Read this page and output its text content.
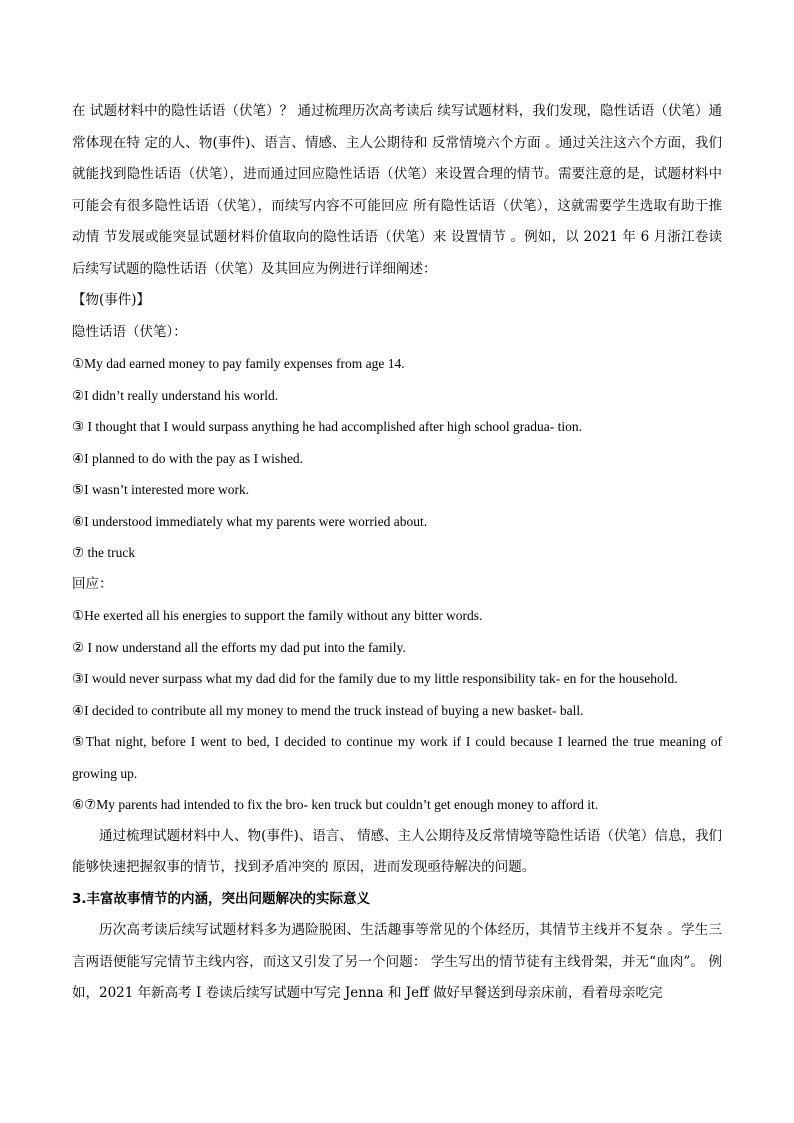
在 试题材料中的隐性话语（伏笔）？ 通过梳理历次高考读后 续写试题材料，我们发现，隐性话语（伏笔）通常体现在特 定的人、物(事件)、语言、情感、主人公期待和 反常情境六个方面 。通过关注这六个方面，我们就能找到隐性话语（伏笔），进而通过回应隐性话语（伏笔）来设置合理的情节。需要注意的是，试题材料中 可能会有很多隐性话语（伏笔），而续写内容不可能回应 所有隐性话语（伏笔），这就需要学生选取有助于推动情 节发展或能突显试题材料价值取向的隐性话语（伏笔）来 设置情节 。例如，以 2021 年 6 月浙江卷读后续写试题的隐性话语（伏笔）及其回应为例进行详细阐述：

【物(事件)】

隐性话语（伏笔）：

①My dad earned money to pay family expenses from age 14.

②I didn’t really understand his world.

③ I thought that I would surpass anything he had accomplished after high school gradua- tion.

④I planned to do with the pay as I wished.

⑤I wasn’t interested more work.

⑥I understood immediately what my parents were worried about.

⑦ the truck

回应：

①He exerted all his energies to support the family without any bitter words.

② I now understand all the efforts my dad put into the family.

③I would never surpass what my dad did for the family due to my little responsibility tak- en for the household.

④I decided to contribute all my money to mend the truck instead of buying a new basket- ball.

⑤That night, before I went to bed, I decided to continue my work if I could because I learned the true meaning of growing up.

⑥⑦My parents had intended to fix the bro- ken truck but couldn’t get enough money to afford it.

通过梳理试题材料中人、物(事件)、语言、 情感、主人公期待及反常情境等隐性话语（伏笔）信息，我们能够快速把握叙事的情节，找到矛盾冲突的 原因，进而发现亟待解决的问题。

3.丰富故事情节的内涵，突出问题解决的实际意义

历次高考读后续写试题材料多为遇险脱困、生活趣事等常见的个体经历，其情节主线并不复杂 。学生三言两语便能写完情节主线内容，而这又引发了另一个问题： 学生写出的情节徒有主线骨架，并无“血肉”。 例如，2021 年新高考 I 卷读后续写试题中写完 Jenna 和 Jeff 做好早餐送到母亲床前，看着母亲吃完
